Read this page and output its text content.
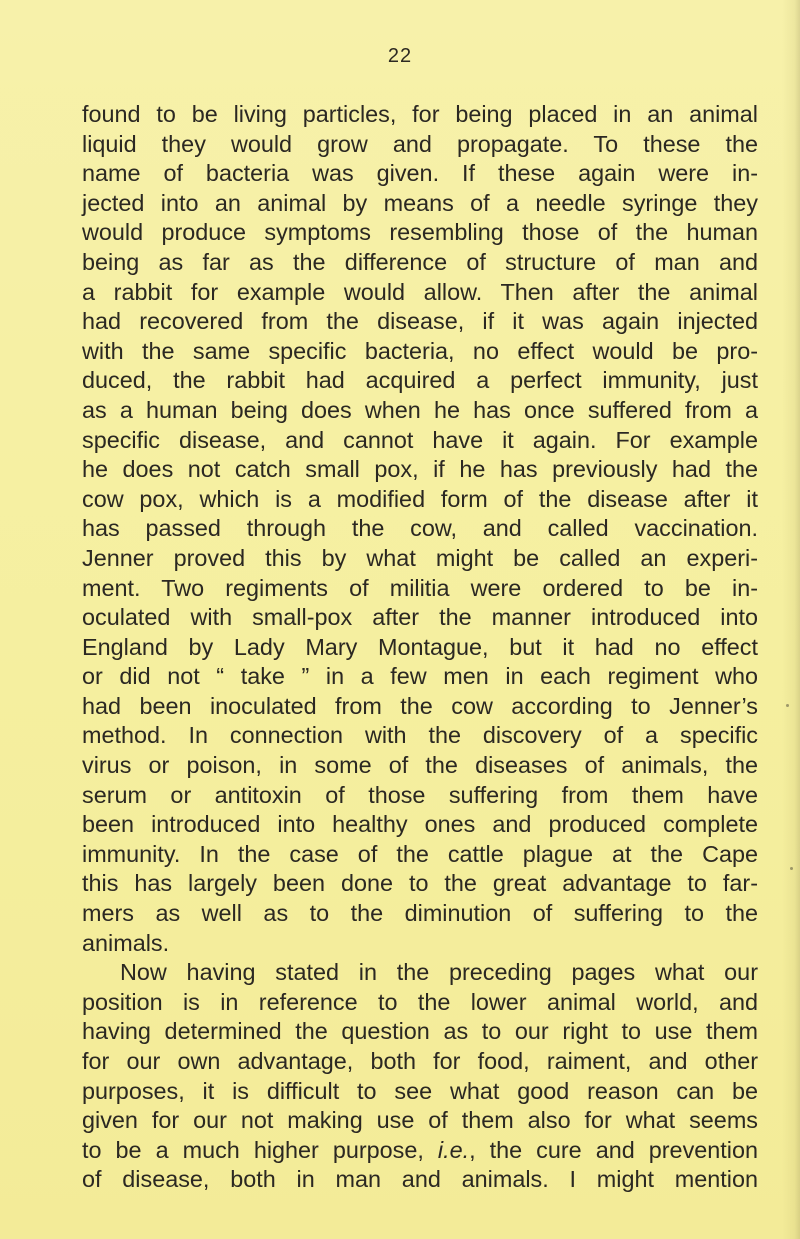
22
found to be living particles, for being placed in an animal
liquid they would grow and propagate. To these the
name of bacteria was given. If these again were in-
jected into an animal by means of a needle syringe they
would produce symptoms resembling those of the human
being as far as the difference of structure of man and
a rabbit for example would allow. Then after the animal
had recovered from the disease, if it was again injected
with the same specific bacteria, no effect would be pro-
duced, the rabbit had acquired a perfect immunity, just
as a human being does when he has once suffered from a
specific disease, and cannot have it again. For example
he does not catch small pox, if he has previously had the
cow pox, which is a modified form of the disease after it
has passed through the cow, and called vaccination.
Jenner proved this by what might be called an experi-
ment. Two regiments of militia were ordered to be in-
oculated with small-pox after the manner introduced into
England by Lady Mary Montague, but it had no effect
or did not “ take ” in a few men in each regiment who
had been inoculated from the cow according to Jenner’s
method. In connection with the discovery of a specific
virus or poison, in some of the diseases of animals, the
serum or antitoxin of those suffering from them have
been introduced into healthy ones and produced complete
immunity. In the case of the cattle plague at the Cape
this has largely been done to the great advantage to far-
mers as well as to the diminution of suffering to the
animals.
Now having stated in the preceding pages what our
position is in reference to the lower animal world, and
having determined the question as to our right to use them
for our own advantage, both for food, raiment, and other
purposes, it is difficult to see what good reason can be
given for our not making use of them also for what seems
to be a much higher purpose, i.e., the cure and prevention
of disease, both in man and animals. I might mention
